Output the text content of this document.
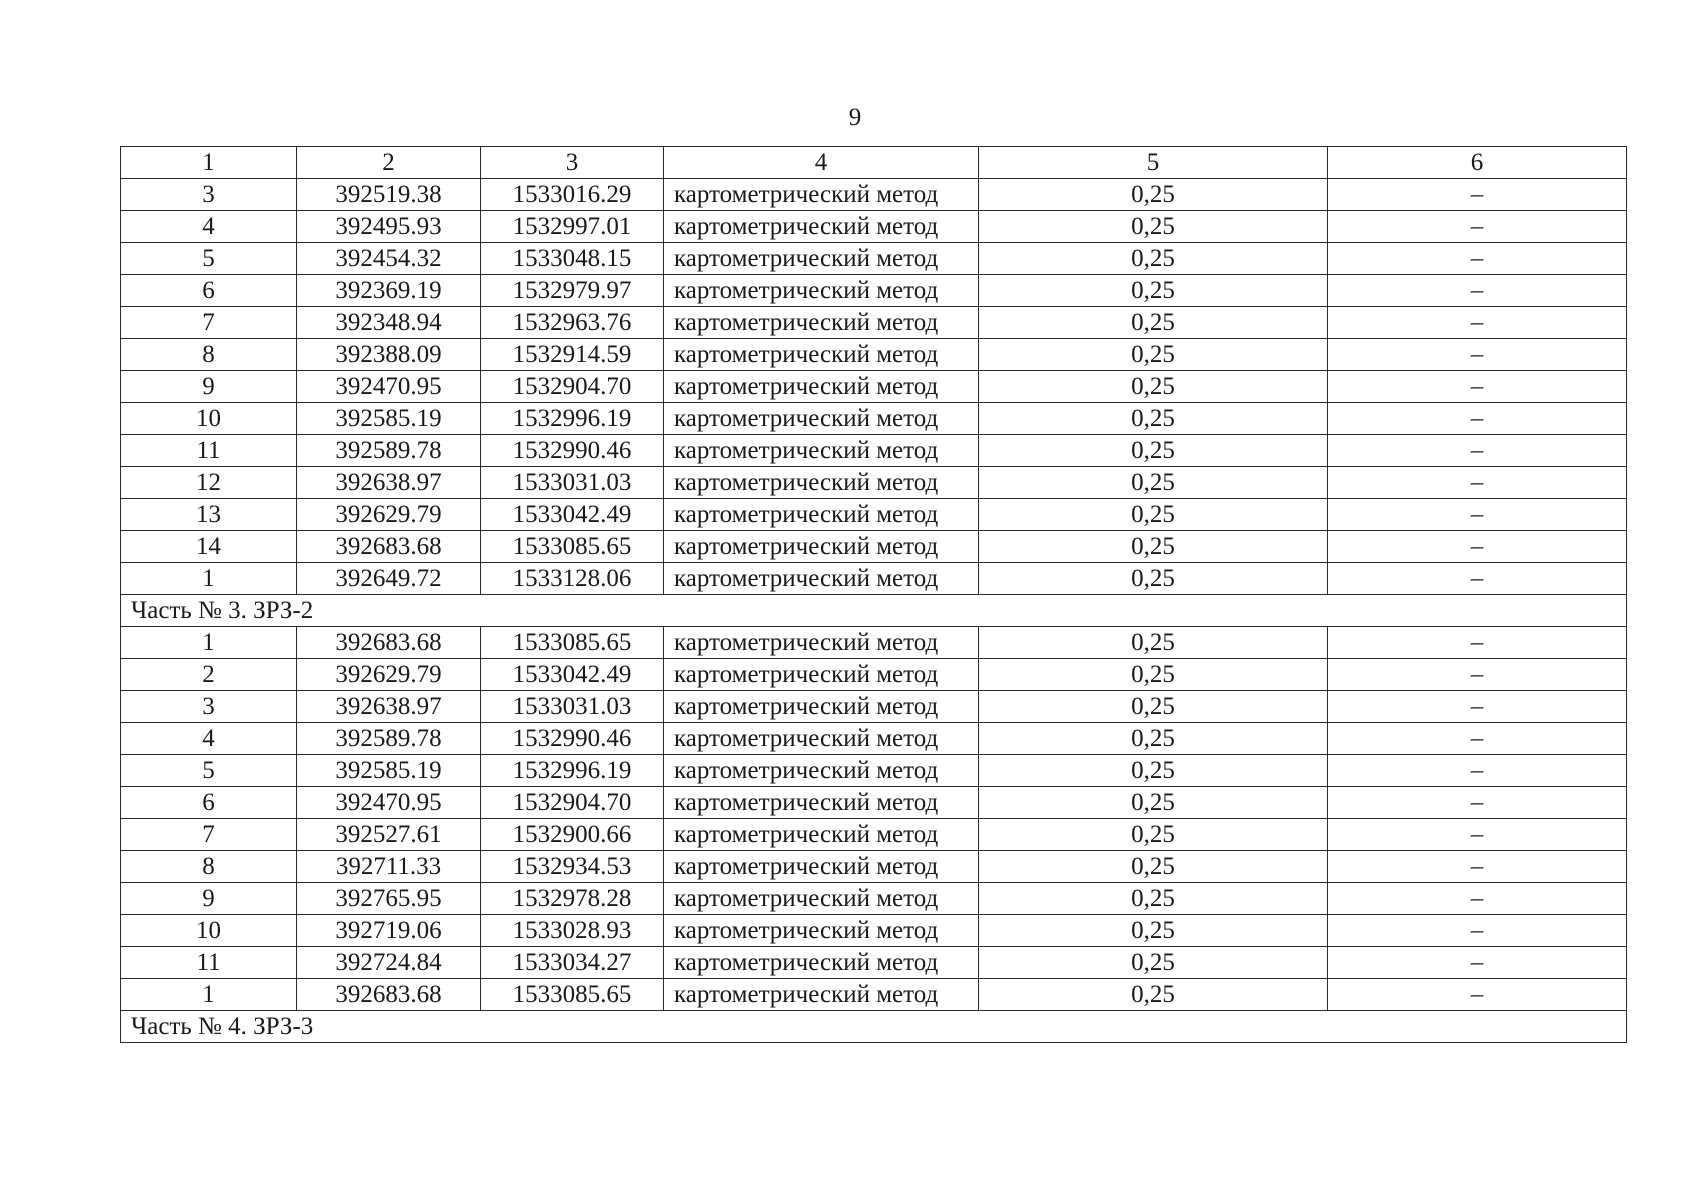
9
1	2	3	4	5	6
3	392519.38	1533016.29	картометрический метод	0,25	–
4	392495.93	1532997.01	картометрический метод	0,25	–
5	392454.32	1533048.15	картометрический метод	0,25	–
6	392369.19	1532979.97	картометрический метод	0,25	–
7	392348.94	1532963.76	картометрический метод	0,25	–
8	392388.09	1532914.59	картометрический метод	0,25	–
9	392470.95	1532904.70	картометрический метод	0,25	–
10	392585.19	1532996.19	картометрический метод	0,25	–
11	392589.78	1532990.46	картометрический метод	0,25	–
12	392638.97	1533031.03	картометрический метод	0,25	–
13	392629.79	1533042.49	картометрический метод	0,25	–
14	392683.68	1533085.65	картометрический метод	0,25	–
1	392649.72	1533128.06	картометрический метод	0,25	–
Часть № 3. ЗРЗ-2					
1	392683.68	1533085.65	картометрический метод	0,25	–
2	392629.79	1533042.49	картометрический метод	0,25	–
3	392638.97	1533031.03	картометрический метод	0,25	–
4	392589.78	1532990.46	картометрический метод	0,25	–
5	392585.19	1532996.19	картометрический метод	0,25	–
6	392470.95	1532904.70	картометрический метод	0,25	–
7	392527.61	1532900.66	картометрический метод	0,25	–
8	392711.33	1532934.53	картометрический метод	0,25	–
9	392765.95	1532978.28	картометрический метод	0,25	–
10	392719.06	1533028.93	картометрический метод	0,25	–
11	392724.84	1533034.27	картометрический метод	0,25	–
1	392683.68	1533085.65	картометрический метод	0,25	–
Часть № 4. ЗРЗ-3					
